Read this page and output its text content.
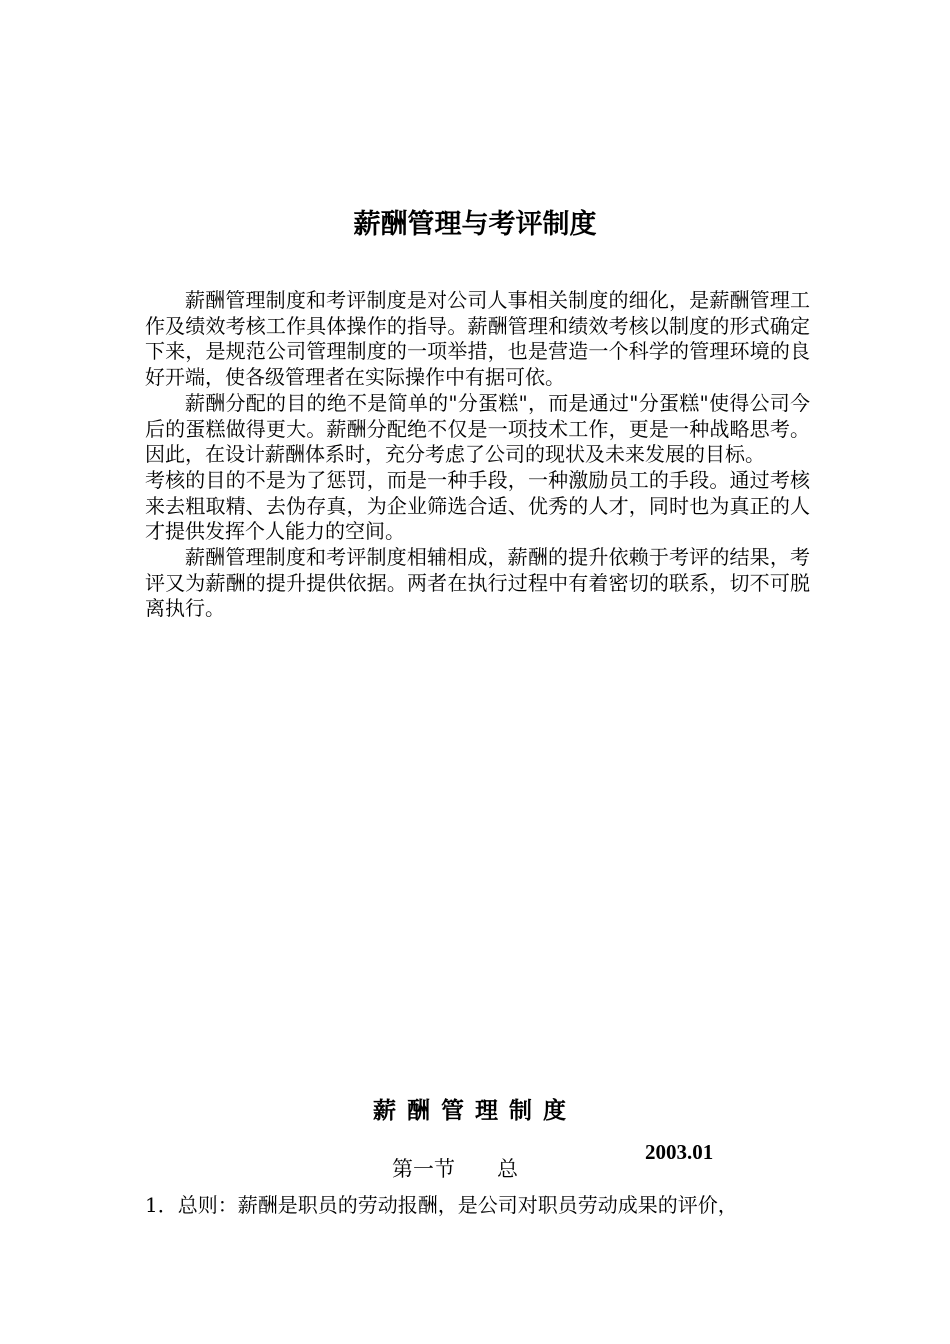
薪酬管理与考评制度

薪酬管理制度和考评制度是对公司人事相关制度的细化，是薪酬管理工作及绩效考核工作具体操作的指导。薪酬管理和绩效考核以制度的形式确定下来，是规范公司管理制度的一项举措，也是营造一个科学的管理环境的良好开端，使各级管理者在实际操作中有据可依。

薪酬分配的目的绝不是简单的"分蛋糕"，而是通过"分蛋糕"使得公司今后的蛋糕做得更大。薪酬分配绝不仅是一项技术工作，更是一种战略思考。因此，在设计薪酬体系时，充分考虑了公司的现状及未来发展的目标。

考核的目的不是为了惩罚，而是一种手段，一种激励员工的手段。通过考核来去粗取精、去伪存真，为企业筛选合适、优秀的人才，同时也为真正的人才提供发挥个人能力的空间。

薪酬管理制度和考评制度相辅相成，薪酬的提升依赖于考评的结果，考评又为薪酬的提升提供依据。两者在执行过程中有着密切的联系，切不可脱离执行。

薪酬管理制度
2003.01
第一节　　总
1．总则：薪酬是职员的劳动报酬，是公司对职员劳动成果的评价，
